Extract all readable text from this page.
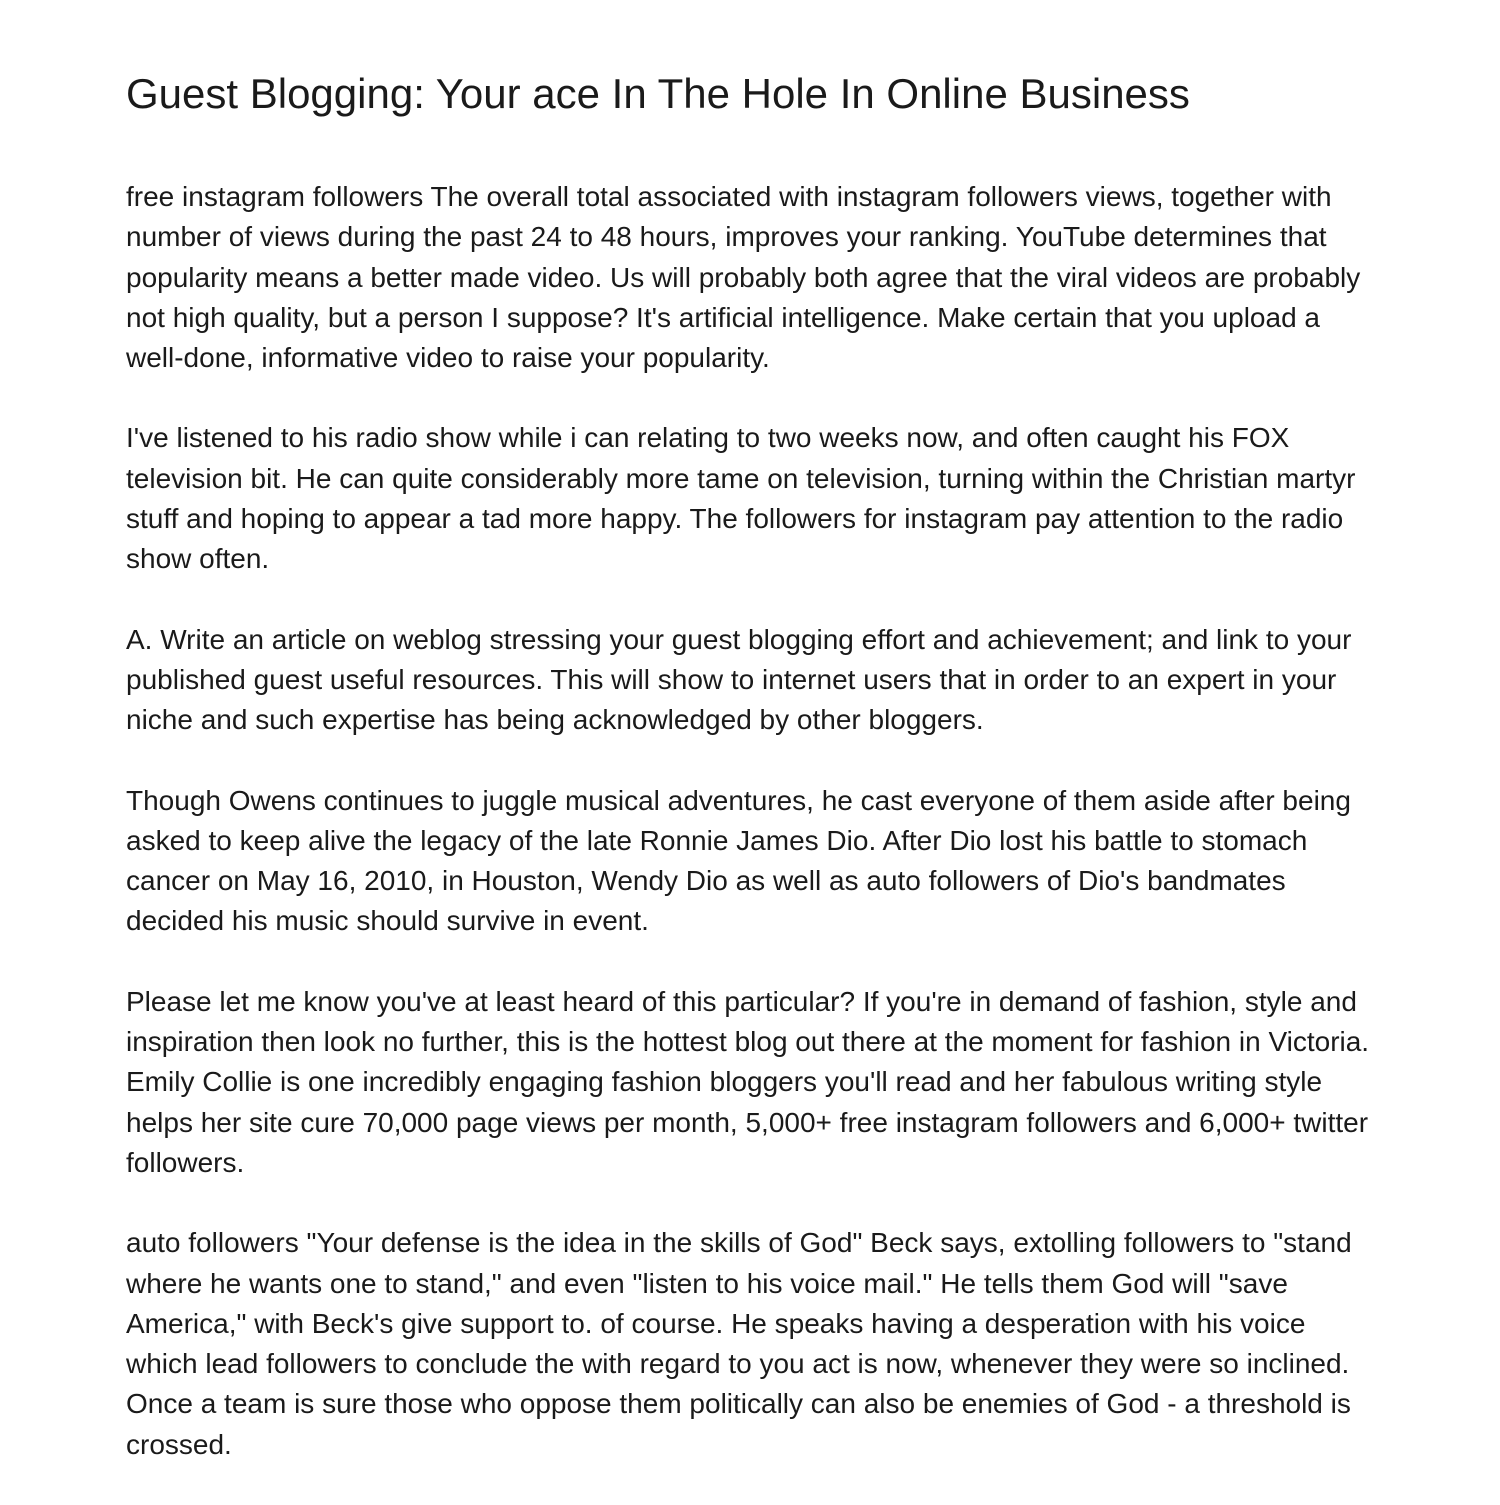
Guest Blogging: Your ace In The Hole In Online Business

free instagram followers The overall total associated with instagram followers views, together with number of views during the past 24 to 48 hours, improves your ranking. YouTube determines that popularity means a better made video. Us will probably both agree that the viral videos are probably not high quality, but a person I suppose? It's artificial intelligence. Make certain that you upload a well-done, informative video to raise your popularity.

I've listened to his radio show while i can relating to two weeks now, and often caught his FOX television bit. He can quite considerably more tame on television, turning within the Christian martyr stuff and hoping to appear a tad more happy. The followers for instagram pay attention to the radio show often.

A. Write an article on weblog stressing your guest blogging effort and achievement; and link to your published guest useful resources. This will show to internet users that in order to an expert in your niche and such expertise has being acknowledged by other bloggers.

Though Owens continues to juggle musical adventures, he cast everyone of them aside after being asked to keep alive the legacy of the late Ronnie James Dio. After Dio lost his battle to stomach cancer on May 16, 2010, in Houston, Wendy Dio as well as auto followers of Dio's bandmates decided his music should survive in event.

Please let me know you've at least heard of this particular? If you're in demand of fashion, style and inspiration then look no further, this is the hottest blog out there at the moment for fashion in Victoria. Emily Collie is one incredibly engaging fashion bloggers you'll read and her fabulous writing style helps her site cure 70,000 page views per month, 5,000+ free instagram followers and 6,000+ twitter followers.

auto followers "Your defense is the idea in the skills of God" Beck says, extolling followers to "stand where he wants one to stand," and even "listen to his voice mail." He tells them God will "save America," with Beck's give support to. of course. He speaks having a desperation with his voice which lead followers to conclude the with regard to you act is now, whenever they were so inclined. Once a team is sure those who oppose them politically can also be enemies of God - a threshold is crossed.
